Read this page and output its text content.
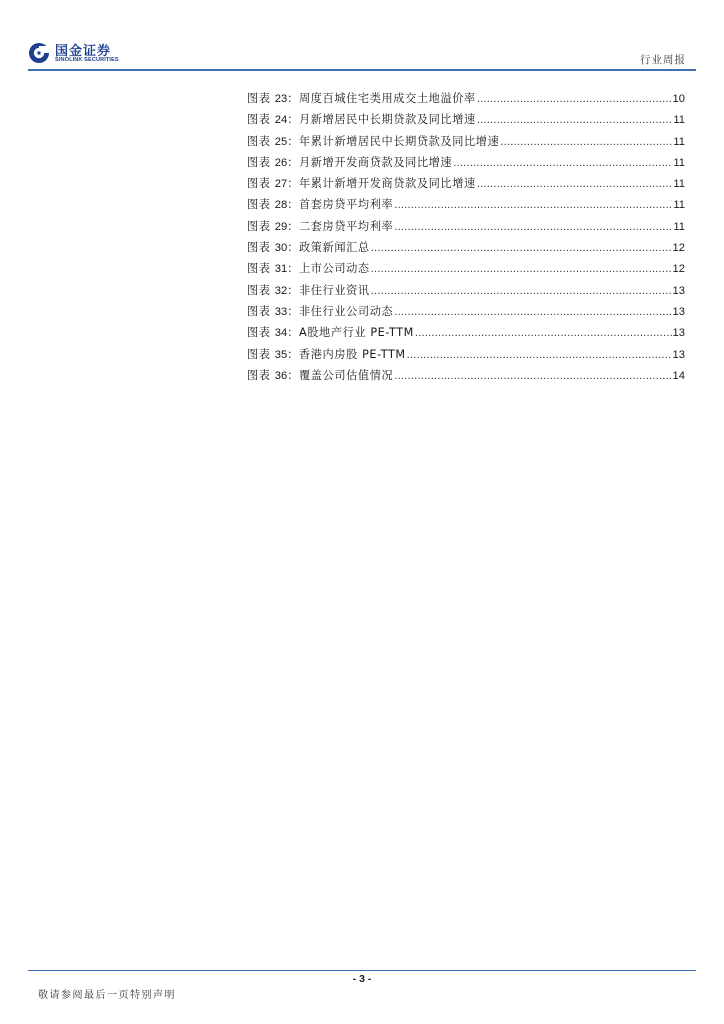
国金证券
SINOLINK SECURITIES	行业周报
图表 23：周度百城住宅类用成交土地溢价率 .....	10
图表 24：月新增居民中长期贷款及同比增速 .....	11
图表 25：年累计新增居民中长期贷款及同比增速 .....	11
图表 26：月新增开发商贷款及同比增速 .....	11
图表 27：年累计新增开发商贷款及同比增速 .....	11
图表 28：首套房贷平均利率 .....	11
图表 29：二套房贷平均利率 .....	11
图表 30：政策新闻汇总 .....	12
图表 31：上市公司动态 .....	12
图表 32：非住行业资讯 .....	13
图表 33：非住行业公司动态 .....	13
图表 34：A股地产行业 PE-TTM .....	13
图表 35：香港内房股 PE-TTM .....	13
图表 36：覆盖公司估值情况 .....	14
- 3 -
敬请参阅最后一页特别声明
